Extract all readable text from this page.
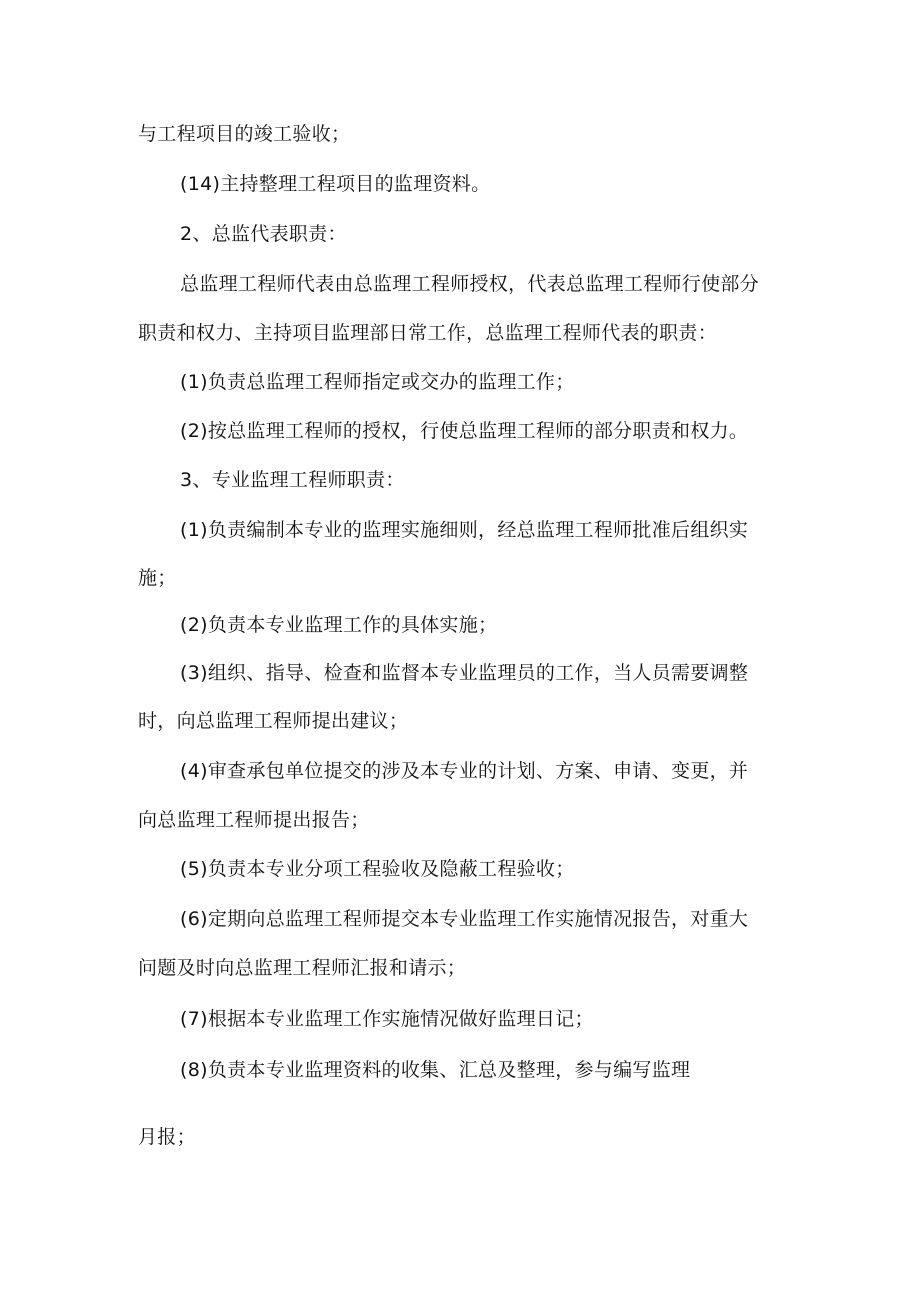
与工程项目的竣工验收；
(14)主持整理工程项目的监理资料。
2、总监代表职责：
总监理工程师代表由总监理工程师授权，代表总监理工程师行使部分
职责和权力、主持项目监理部日常工作，总监理工程师代表的职责：
(1)负责总监理工程师指定或交办的监理工作；
(2)按总监理工程师的授权，行使总监理工程师的部分职责和权力。
3、专业监理工程师职责：
(1)负责编制本专业的监理实施细则，经总监理工程师批准后组织实
施；
(2)负责本专业监理工作的具体实施；
(3)组织、指导、检查和监督本专业监理员的工作，当人员需要调整
时，向总监理工程师提出建议；
(4)审查承包单位提交的涉及本专业的计划、方案、申请、变更，并
向总监理工程师提出报告；
(5)负责本专业分项工程验收及隐蔽工程验收；
(6)定期向总监理工程师提交本专业监理工作实施情况报告，对重大
问题及时向总监理工程师汇报和请示；
(7)根据本专业监理工作实施情况做好监理日记；
(8)负责本专业监理资料的收集、汇总及整理，参与编写监理
月报；
